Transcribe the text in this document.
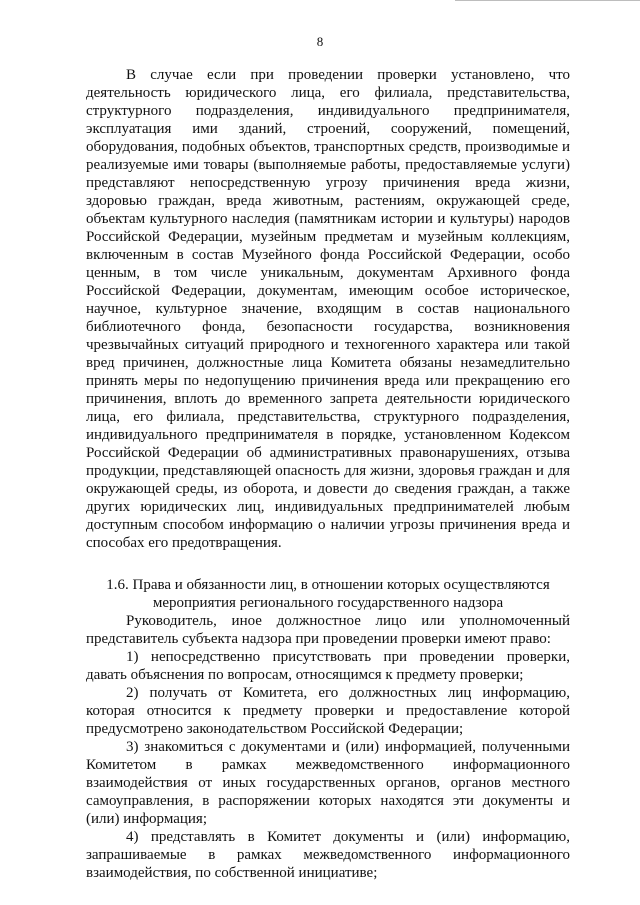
8

В случае если при проведении проверки установлено, что деятельность юридического лица, его филиала, представительства, структурного подразделения, индивидуального предпринимателя, эксплуатация ими зданий, строений, сооружений, помещений, оборудования, подобных объектов, транспортных средств, производимые и реализуемые ими товары (выполняемые работы, предоставляемые услуги) представляют непосредственную угрозу причинения вреда жизни, здоровью граждан, вреда животным, растениям, окружающей среде, объектам культурного наследия (памятникам истории и культуры) народов Российской Федерации, музейным предметам и музейным коллекциям, включенным в состав Музейного фонда Российской Федерации, особо ценным, в том числе уникальным, документам Архивного фонда Российской Федерации, документам, имеющим особое историческое, научное, культурное значение, входящим в состав национального библиотечного фонда, безопасности государства, возникновения чрезвычайных ситуаций природного и техногенного характера или такой вред причинен, должностные лица Комитета обязаны незамедлительно принять меры по недопущению причинения вреда или прекращению его причинения, вплоть до временного запрета деятельности юридического лица, его филиала, представительства, структурного подразделения, индивидуального предпринимателя в порядке, установленном Кодексом Российской Федерации об административных правонарушениях, отзыва продукции, представляющей опасность для жизни, здоровья граждан и для окружающей среды, из оборота, и довести до сведения граждан, а также других юридических лиц, индивидуальных предпринимателей любым доступным способом информацию о наличии угрозы причинения вреда и способах его предотвращения.

1.6. Права и обязанности лиц, в отношении которых осуществляются
мероприятия регионального государственного надзора

Руководитель, иное должностное лицо или уполномоченный представитель субъекта надзора при проведении проверки имеют право:

1) непосредственно присутствовать при проведении проверки, давать объяснения по вопросам, относящимся к предмету проверки;

2) получать от Комитета, его должностных лиц информацию, которая относится к предмету проверки и предоставление которой предусмотрено законодательством Российской Федерации;

3) знакомиться с документами и (или) информацией, полученными Комитетом в рамках межведомственного информационного взаимодействия от иных государственных органов, органов местного самоуправления, в распоряжении которых находятся эти документы и (или) информация;

4) представлять в Комитет документы и (или) информацию, запрашиваемые в рамках межведомственного информационного взаимодействия, по собственной инициативе;
